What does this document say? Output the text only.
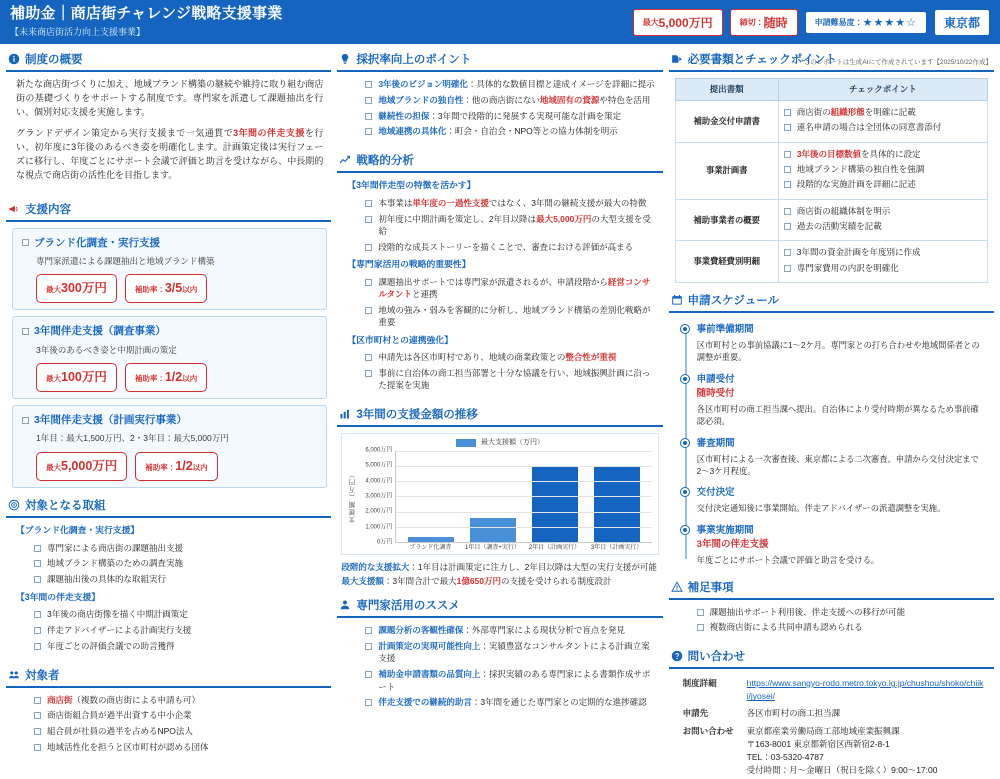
補助金｜商店街チャレンジ戦略支援事業
【未来商店街活力向上支援事業】
最大 5,000万円	締切： 随時	申請難易度： ★★★★☆ 東京都
制度の概要
新たな商店街づくりに加え、地域ブランド構築の継続や維持に取り組む商店街の基礎づくりをサポートする制度です。専門家を派遣して課題抽出を行い、個別対応支援を実施します。
グランドデザイン策定から実行支援まで一気通貫で3年間の伴走支援を行い、初年度に3年後のあるべき姿を明確化します。計画策定後は実行フェーズに移行し、年度ごとにサポート会議で評価と助言を受けながら、中長期的な視点で商店街の活性化を目指します。
支援内容
ブランド化調査・実行支援
専門家派遣による課題抽出と地域ブランド構築
最大 300万円	補助率： 3/5 以内
3年間伴走支援（調査事業）
3年後のあるべき姿と中期計画の策定
最大 100万円	補助率： 1/2 以内
3年間伴走支援（計画実行事業）
1年目：最大1,500万円、2・3年目：最大5,000万円
最大 5,000万円	補助率： 1/2 以内
対象となる取組
【ブランド化調査・実行支援】
専門家による商店街の課題抽出支援
地域ブランド構築のための調査実施
課題抽出後の具体的な取組実行
【3年間の伴走支援】
3年後の商店街像を描く中期計画策定
伴走アドバイザーによる計画実行支援
年度ごとの評価会議での助言獲得
対象者
商店街（複数の商店街による申請も可）
商店街組合員が過半出資する中小企業
組合員が社員の過半を占めるNPO法人
地域活性化を担うと区市町村が認める団体
採択率向上のポイント
3年後のビジョン明確化：具体的な数値目標と達成イメージを詳細に提示
地域ブランドの独自性：他の商店街にない地域固有の資源や特色を活用
継続性の担保：3年間で段階的に発展する実現可能な計画を策定
地域連携の具体化：町会・自治会・NPO等との協力体制を明示
戦略的分析
【3年間伴走型の特徴を活かす】
本事業は単年度の一過性支援ではなく、3年間の継続支援が最大の特徴
初年度に中期計画を策定し、2年目以降は最大5,000万円の大型支援を受給
段階的な成長ストーリーを描くことで、審査における評価が高まる
【専門家活用の戦略的重要性】
課題抽出サポートでは専門家が派遣されるが、申請段階から経営コンサルタントと連携
地域の強み・弱みを客観的に分析し、地域ブランド構築の差別化戦略が重要
【区市町村との連携強化】
申請先は各区市町村であり、地域の商業政策との整合性が重視
事前に自治体の商工担当部署と十分な協議を行い、地域振興計画に沿った提案を実施
3年間の支援金額の推移
最大支援額（万円）
支援額（万円）
0万円
1,000万円
2,000万円
3,000万円
4,000万円
5,000万円
6,000万円
ブランド化調査	1年目（調査+実行）	2年目（計画実行）	3年目（計画実行）
段階的な支援拡大：1年目は計画策定に注力し、2年目以降は大型の実行支援が可能
最大支援額：3年間合計で最大1億650万円の支援を受けられる制度設計
専門家活用のススメ
課題分析の客観性確保：外部専門家による現状分析で盲点を発見
計画策定の実現可能性向上：実績豊富なコンサルタントによる計画立案支援
補助金申請書類の品質向上：採択実績のある専門家による書類作成サポート
伴走支援での継続的助言：3年間を通じた専門家との定期的な進捗確認
必要書類とチェックポイント
*このレポートは生成AIにて作成されています【2025/10/22作成】
提出書類	チェックポイント
補助金交付申請書	商店街の組織形態を明確に記載
連名申請の場合は全団体の同意書添付

事業計画書	3年後の目標数値を具体的に設定
地域ブランド構築の独自性を強調
段階的な実施計画を詳細に記述

補助事業者の概要	商店街の組織体制を明示
過去の活動実績を記載

事業費経費別明細	3年間の資金計画を年度別に作成
専門家費用の内訳を明確化
申請スケジュール
事前準備期間
区市町村との事前協議に1〜2ケ月。専門家との打ち合わせや地域間係者との調整が重要。
申請受付
随時受付
各区市町村の商工担当課へ提出。自治体により受付時期が異なるため事前確認必須。
審査期間
区市町村による一次審査後、東京都による二次審査。申請から交付決定まで2〜3ケ月程度。
交付決定
交付決定通知後に事業開始。伴走アドバイザーの派遣調整を実施。
事業実施期間
3年間の伴走支援
年度ごとにサポート会議で評価と助言を受ける。
補足事項
課題抽出サポート利用後、伴走支援への移行が可能
複数商店街による共同申請も認められる
問い合わせ
制度詳細	https://www.sangyo-rodo.metro.tokyo.lg.jp/chushou/shoko/chiiki/jyosei/
申請先	各区市町村の商工担当課
お問い合わせ	東京都産業労働局商工部地域産業振興課
〒163-8001 東京都新宿区西新宿2-8-1
TEL：03-5320-4787
受付時間：月〜金曜日（祝日を除く）9:00〜17:00
